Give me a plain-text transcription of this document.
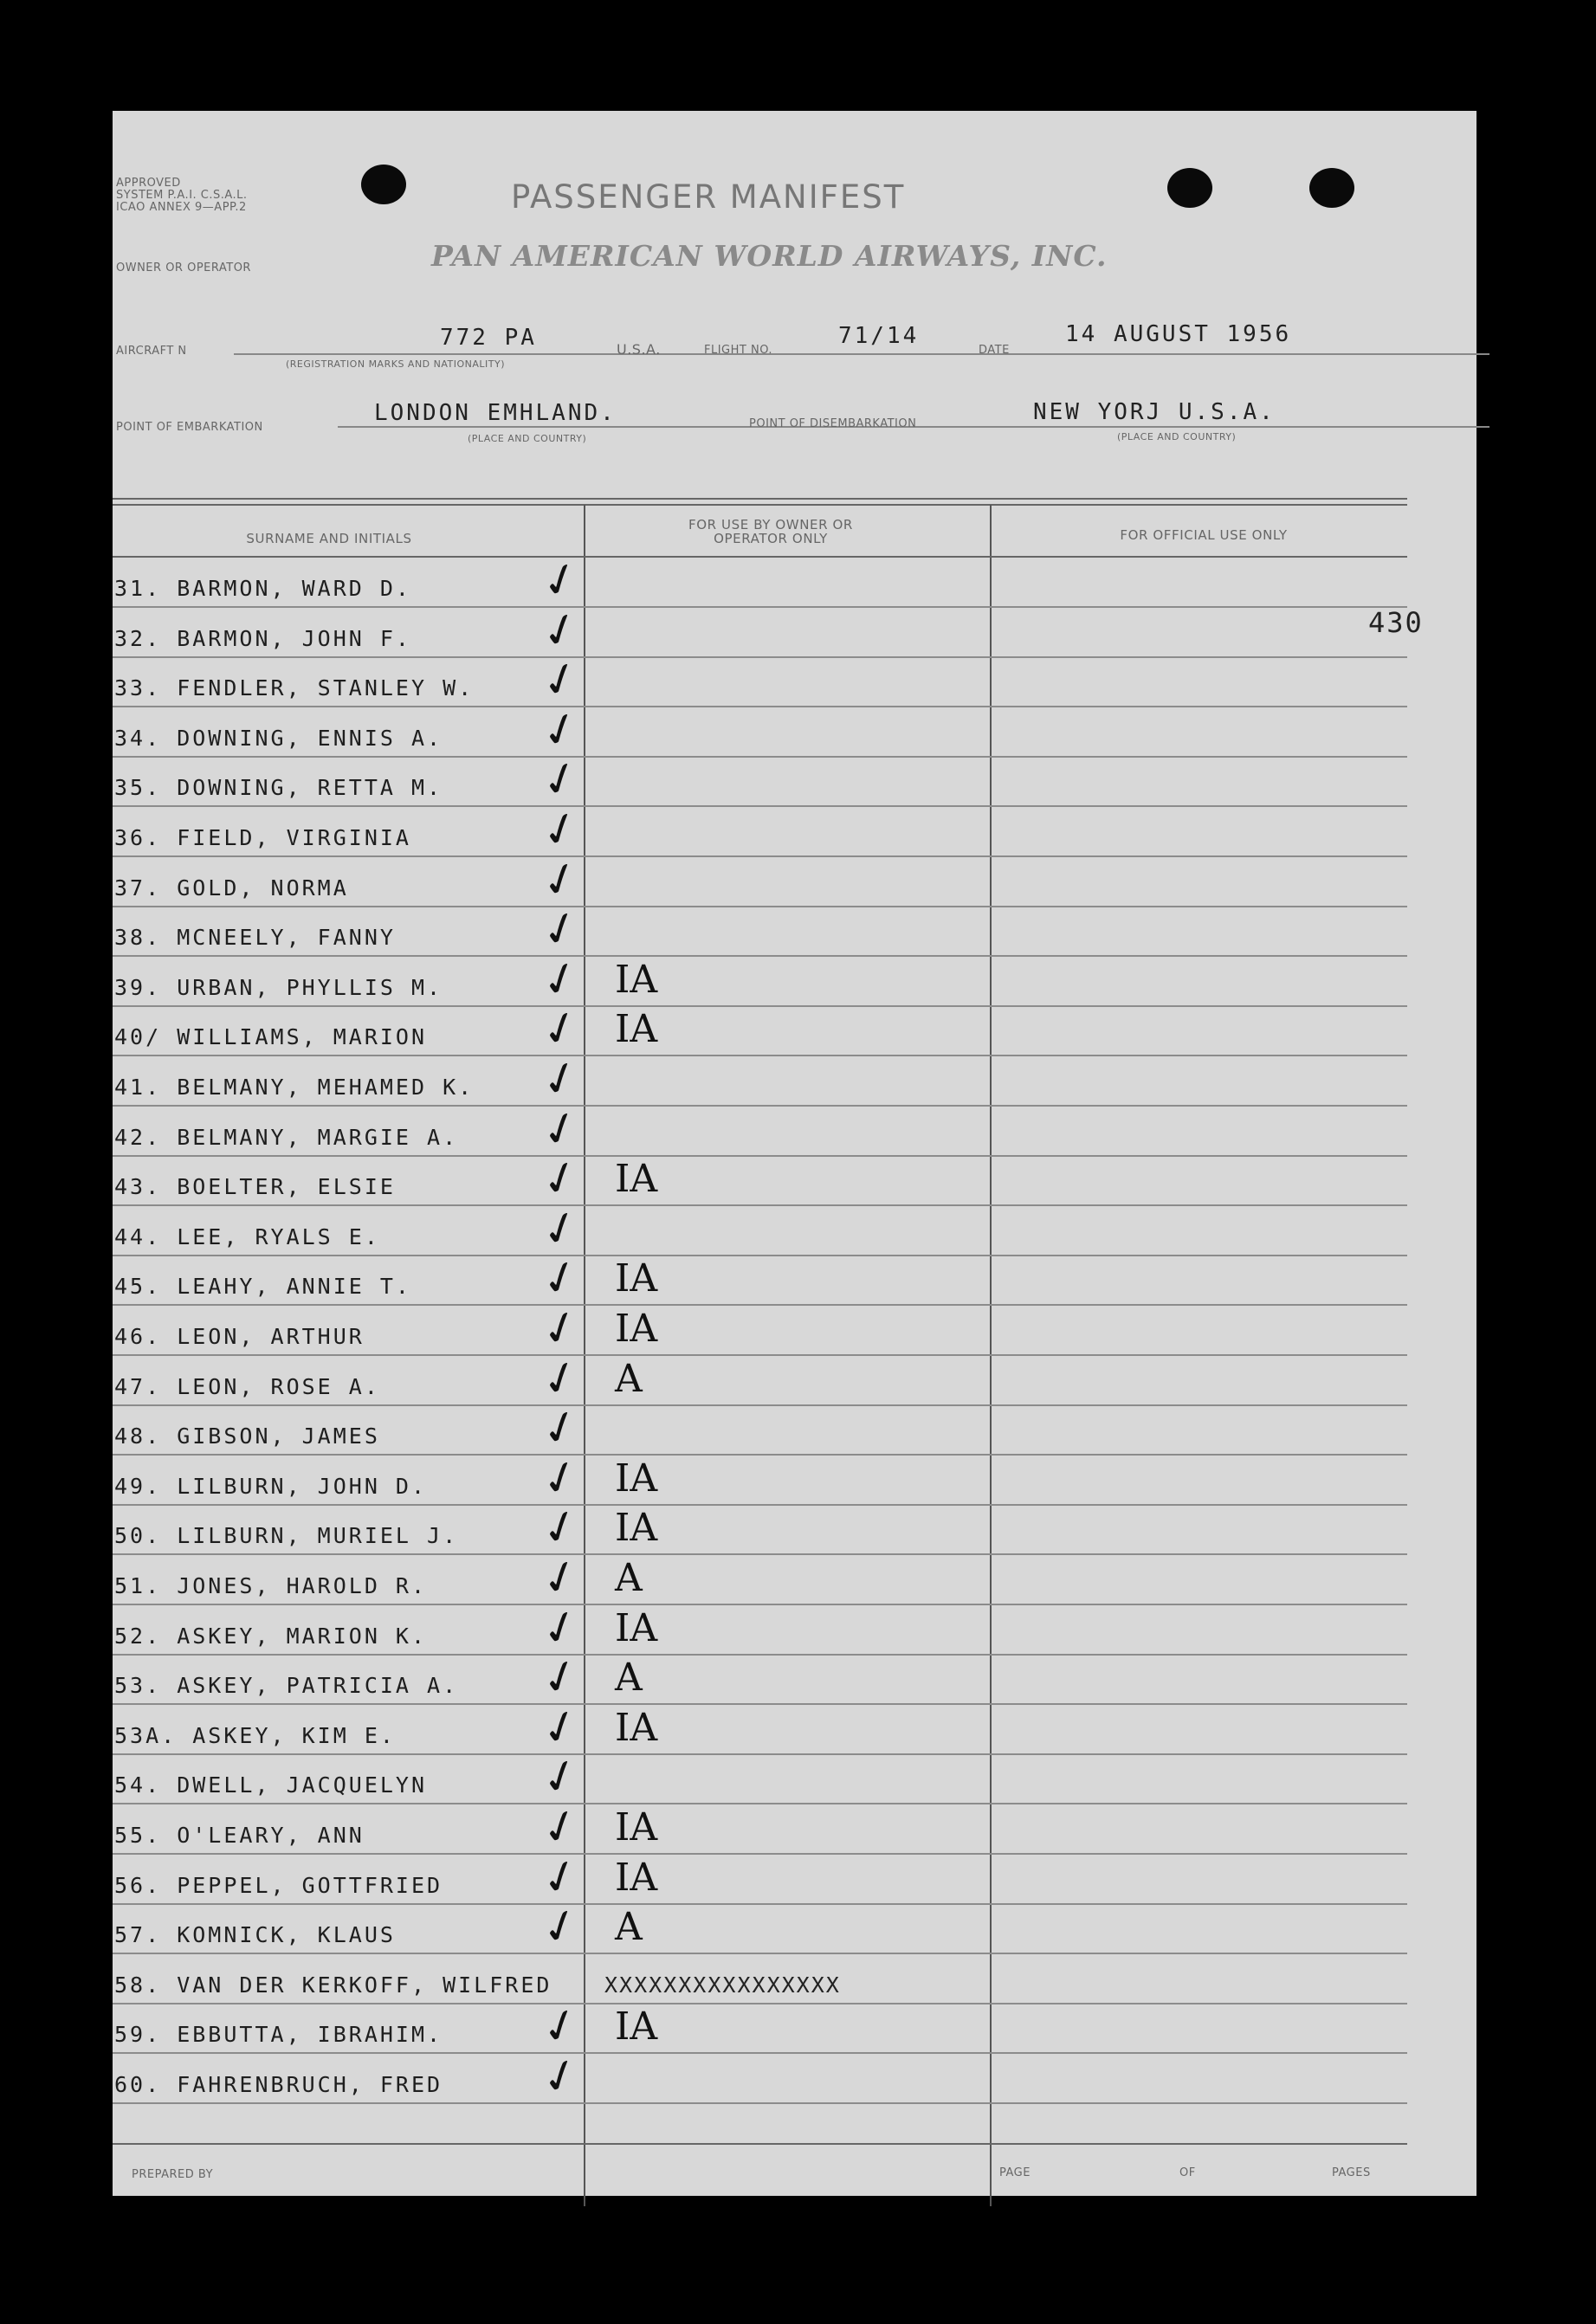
APPROVED
SYSTEM P.A.I. C.S.A.L.
ICAO ANNEX 9—APP.2	PASSENGER MANIFEST
PAN AMERICAN WORLD AIRWAYS, INC.
OWNER OR OPERATOR
AIRCRAFT N
772 PA
(REGISTRATION MARKS AND NATIONALITY)
U.S.A.	FLIGHT NO.
71/14
DATE
14 AUGUST 1956
POINT OF EMBARKATION
LONDON EMHLAND.
(PLACE AND COUNTRY)
POINT OF DISEMBARKATION	NEW YORJ U.S.A.
(PLACE AND COUNTRY)
SURNAME AND INITIALS
FOR USE BY OWNER OR OPERATOR ONLY	FOR OFFICIAL USE ONLY
430
31. BARMON, WARD D.	✓
32. BARMON, JOHN F.	✓
33. FENDLER, STANLEY W. ✓
34. DOWNING, ENNIS A. ✓
35. DOWNING, RETTA M. ✓
36. FIELD, VIRGINIA	✓
37. GOLD, NORMA	✓
38. MCNEELY, FANNY	✓
39. URBAN, PHYLLIS M. ✓ IA
40/ WILLIAMS, MARION ✓ IA
41. BELMANY, MEHAMED K. ✓
42. BELMANY, MARGIE A. ✓
43. BOELTER, ELSIE	✓ IA
44. LEE, RYALS E.	✓
45. LEAHY, ANNIE T.	✓ IA
46. LEON, ARTHUR	✓ IA
47. LEON, ROSE A.	✓ A
48. GIBSON, JAMES	✓
49. LILBURN, JOHN D. ✓ IA
50. LILBURN, MURIEL J. ✓ IA
51. JONES, HAROLD R. ✓ A
52. ASKEY, MARION K. ✓ IA
53. ASKEY, PATRICIA A. ✓ A
53A. ASKEY, KIM E.	✓ IA
54. DWELL, JACQUELYN ✓
55. O'LEARY, ANN	✓ IA
56. PEPPEL, GOTTFRIED ✓ IA
57. KOMNICK, KLAUS	✓ A
58. VAN DER KERKOFF, WILFRED XXXXXXXXXXXXXXXX
59. EBBUTTA, IBRAHIM. ✓ IA
60. FAHRENBRUCH, FRED ✓
PREPARED BY	PAGE	OF	PAGES
